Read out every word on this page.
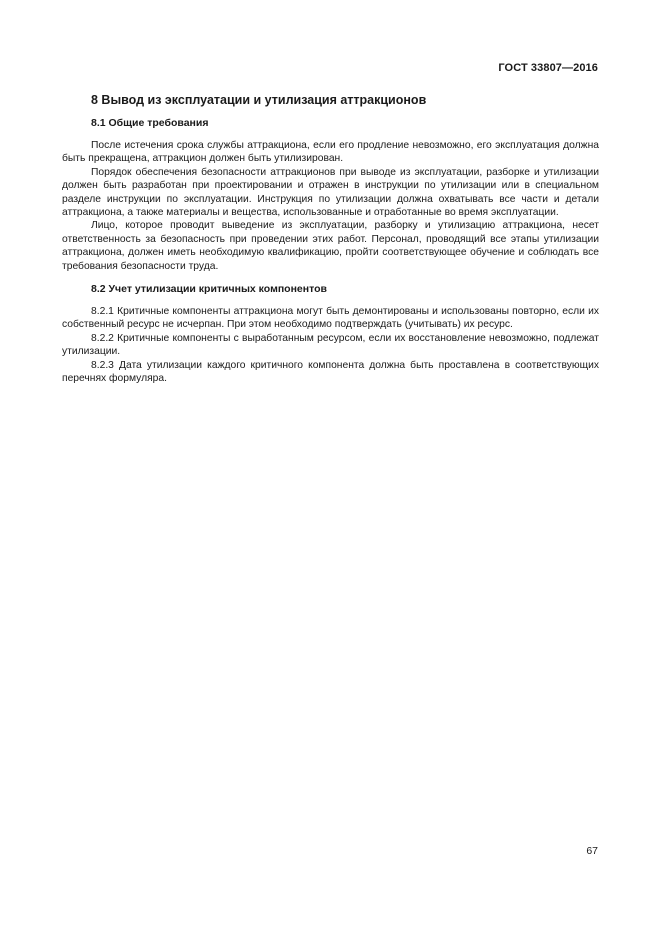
ГОСТ 33807—2016
8 Вывод из эксплуатации и утилизация аттракционов
8.1 Общие требования

После истечения срока службы аттракциона, если его продление невозможно, его эксплуатация должна быть прекращена, аттракцион должен быть утилизирован.

Порядок обеспечения безопасности аттракционов при выводе из эксплуатации, разборке и утилизации должен быть разработан при проектировании и отражен в инструкции по утилизации или в специальном разделе инструкции по эксплуатации. Инструкция по утилизации должна охватывать все части и детали аттракциона, а также материалы и вещества, использованные и отработанные во время эксплуатации.

Лицо, которое проводит выведение из эксплуатации, разборку и утилизацию аттракциона, несет ответственность за безопасность при проведении этих работ. Персонал, проводящий все этапы утилизации аттракциона, должен иметь необходимую квалификацию, пройти соответствующее обучение и соблюдать все требования безопасности труда.

8.2 Учет утилизации критичных компонентов

8.2.1 Критичные компоненты аттракциона могут быть демонтированы и использованы повторно, если их собственный ресурс не исчерпан. При этом необходимо подтверждать (учитывать) их ресурс.

8.2.2 Критичные компоненты с выработанным ресурсом, если их восстановление невозможно, подлежат утилизации.

8.2.3 Дата утилизации каждого критичного компонента должна быть проставлена в соответствующих перечнях формуляра.

67
